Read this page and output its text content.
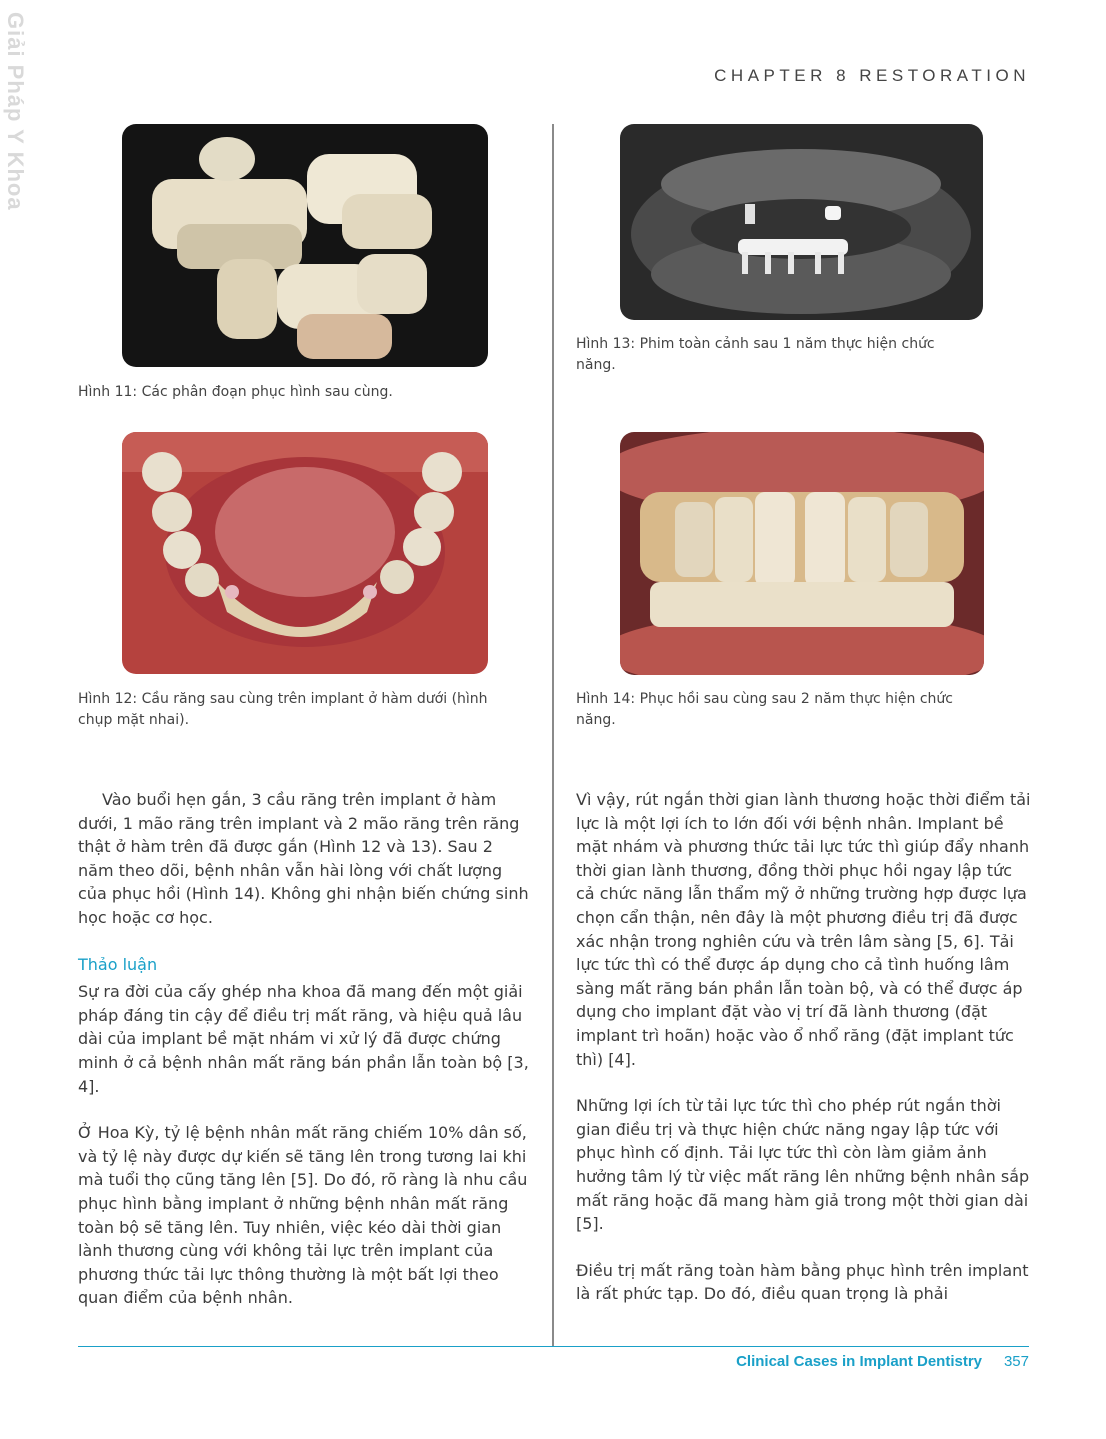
Giải Pháp Y Khoa	CHAPTER 8 RESTORATION
Hình 11: Các phân đoạn phục hình sau cùng.
Hình 13: Phim toàn cảnh sau 1 năm thực hiện chức năng.
Hình 12: Cầu răng sau cùng trên implant ở hàm dưới (hình chụp mặt nhai).
Hình 14: Phục hồi sau cùng sau 2 năm thực hiện chức năng.

Vào buổi hẹn gắn, 3 cầu răng trên implant ở hàm dưới, 1 mão răng trên implant và 2 mão răng trên răng thật ở hàm trên đã được gắn (Hình 12 và 13). Sau 2 năm theo dõi, bệnh nhân vẫn hài lòng với chất lượng của phục hồi (Hình 14). Không ghi nhận biến chứng sinh học hoặc cơ học.

Thảo luận

Sự ra đời của cấy ghép nha khoa đã mang đến một giải pháp đáng tin cậy để điều trị mất răng, và hiệu quả lâu dài của implant bề mặt nhám vi xử lý đã được chứng minh ở cả bệnh nhân mất răng bán phần lẫn toàn bộ [3, 4].

Ở Hoa Kỳ, tỷ lệ bệnh nhân mất răng chiếm 10% dân số, và tỷ lệ này được dự kiến sẽ tăng lên trong tương lai khi mà tuổi thọ cũng tăng lên [5]. Do đó, rõ ràng là nhu cầu phục hình bằng implant ở những bệnh nhân mất răng toàn bộ sẽ tăng lên. Tuy nhiên, việc kéo dài thời gian lành thương cùng với không tải lực trên implant của phương thức tải lực thông thường là một bất lợi theo quan điểm của bệnh nhân.

Vì vậy, rút ngắn thời gian lành thương hoặc thời điểm tải lực là một lợi ích to lớn đối với bệnh nhân. Implant bề mặt nhám và phương thức tải lực tức thì giúp đẩy nhanh thời gian lành thương, đồng thời phục hồi ngay lập tức cả chức năng lẫn thẩm mỹ ở những trường hợp được lựa chọn cẩn thận, nên đây là một phương điều trị đã được xác nhận trong nghiên cứu và trên lâm sàng [5, 6]. Tải lực tức thì có thể được áp dụng cho cả tình huống lâm sàng mất răng bán phần lẫn toàn bộ, và có thể được áp dụng cho implant đặt vào vị trí đã lành thương (đặt implant trì hoãn) hoặc vào ổ nhổ răng (đặt implant tức thì) [4].

Những lợi ích từ tải lực tức thì cho phép rút ngắn thời gian điều trị và thực hiện chức năng ngay lập tức với phục hình cố định. Tải lực tức thì còn làm giảm ảnh hưởng tâm lý từ việc mất răng lên những bệnh nhân sắp mất răng hoặc đã mang hàm giả trong một thời gian dài [5].

Điều trị mất răng toàn hàm bằng phục hình trên implant là rất phức tạp. Do đó, điều quan trọng là phải

Clinical Cases in Implant Dentistry 357
